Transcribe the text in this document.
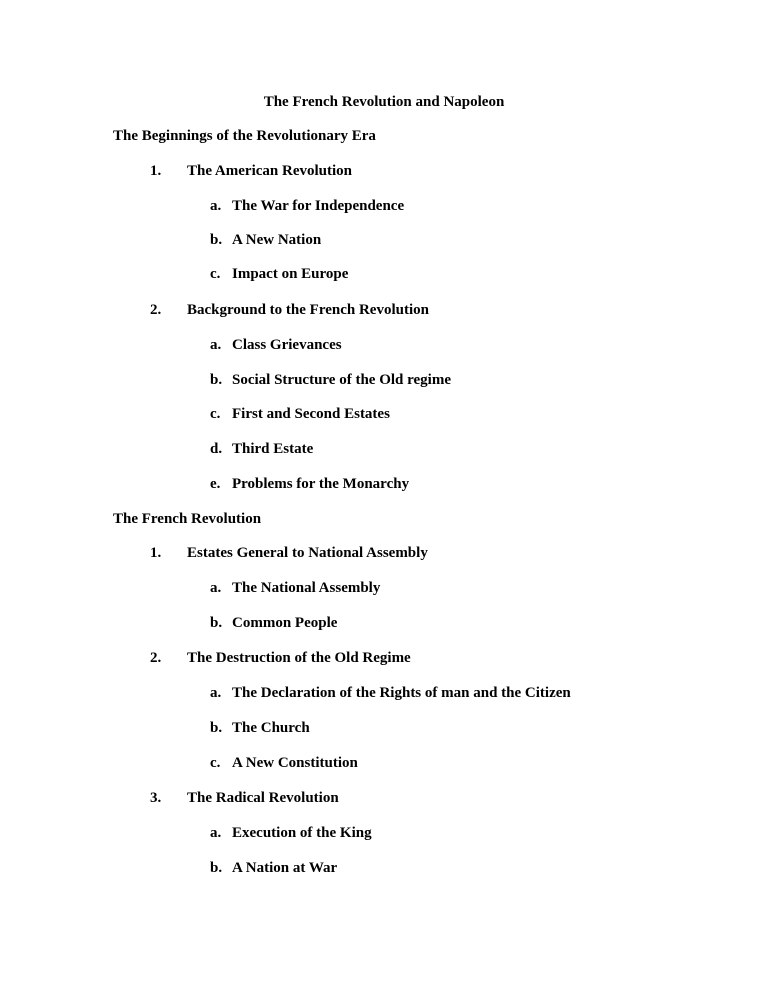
The French Revolution and Napoleon
The Beginnings of the Revolutionary Era
1. The American Revolution
a. The War for Independence
b. A New Nation
c. Impact on Europe
2. Background to the French Revolution
a. Class Grievances
b. Social Structure of the Old regime
c. First and Second Estates
d. Third Estate
e. Problems for the Monarchy
The French Revolution
1. Estates General to National Assembly
a. The National Assembly
b. Common People
2. The Destruction of the Old Regime
a. The Declaration of the Rights of man and the Citizen
b. The Church
c. A New Constitution
3. The Radical Revolution
a. Execution of the King
b. A Nation at War
